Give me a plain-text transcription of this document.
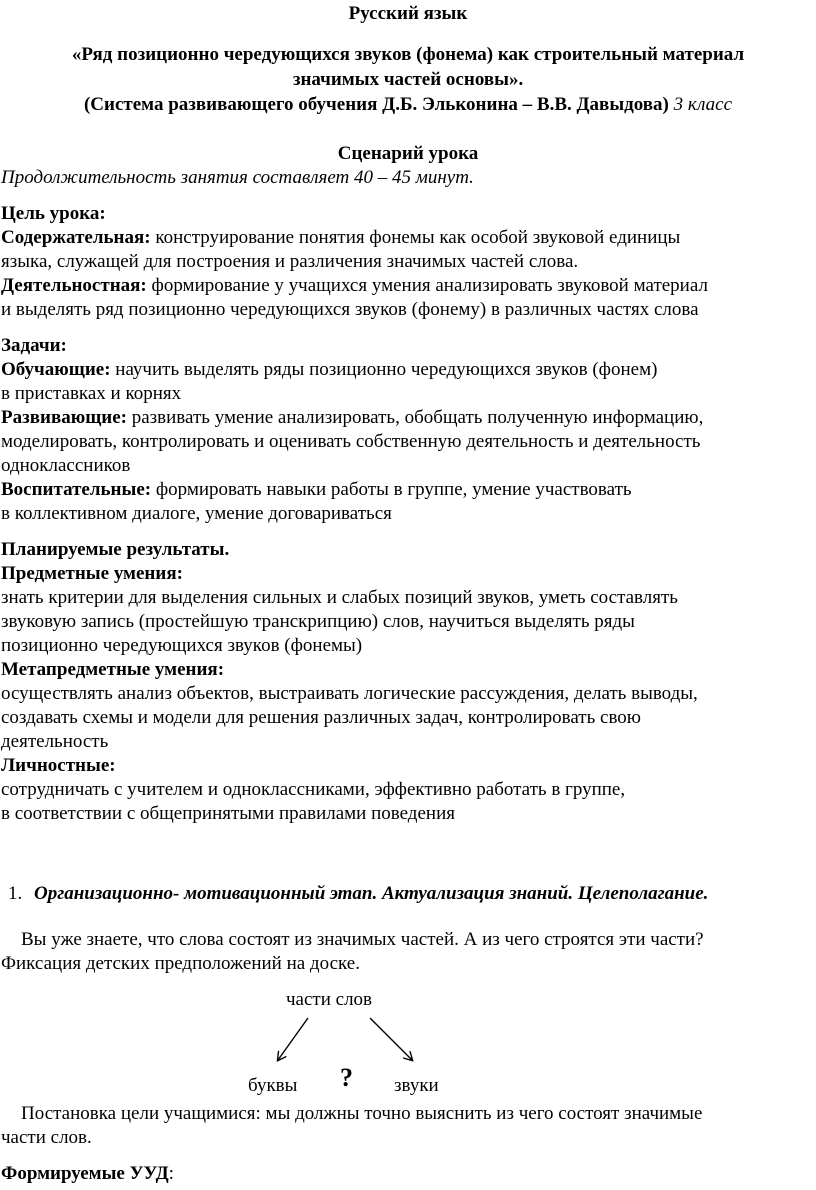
Русский язык
«Ряд позиционно чередующихся звуков (фонема) как строительный материал
значимых частей основы».
(Система развивающего обучения Д.Б. Эльконина – В.В. Давыдова) 3 класс
Сценарий урока
Продолжительность занятия составляет 40 – 45 минут.
Цель урока:
Содержательная: конструирование понятия фонемы как особой звуковой единицы
языка, служащей для построения и различения значимых частей слова.
Деятельностная: формирование у учащихся умения анализировать звуковой материал
и выделять ряд позиционно чередующихся звуков (фонему) в различных частях слова
Задачи:
Обучающие: научить выделять ряды позиционно чередующихся звуков (фонем)
в приставках и корнях
Развивающие: развивать умение анализировать, обобщать полученную информацию,
моделировать, контролировать и оценивать собственную деятельность и деятельность
одноклассников
Воспитательные: формировать навыки работы в группе, умение участвовать
в коллективном диалоге, умение договариваться
Планируемые результаты.
Предметные умения:
знать критерии для выделения сильных и слабых позиций звуков, уметь составлять
звуковую запись (простейшую транскрипцию) слов, научиться выделять ряды
позиционно чередующихся звуков (фонемы)
Метапредметные умения:
осуществлять анализ объектов, выстраивать логические рассуждения, делать выводы,
создавать схемы и модели для решения различных задач, контролировать свою
деятельность
Личностные:
сотрудничать с учителем и одноклассниками, эффективно работать в группе,
в соответствии с общепринятыми правилами поведения
1. Организационно- мотивационный этап. Актуализация знаний. Целеполагание.
Вы уже знаете, что слова состоят из значимых частей. А из чего строятся эти части?
Фиксация детских предположений на доске.
части слов
буквы ? звуки
Постановка цели учащимися: мы должны точно выяснить из чего состоят значимые
части слов.
Формируемые УУД:
